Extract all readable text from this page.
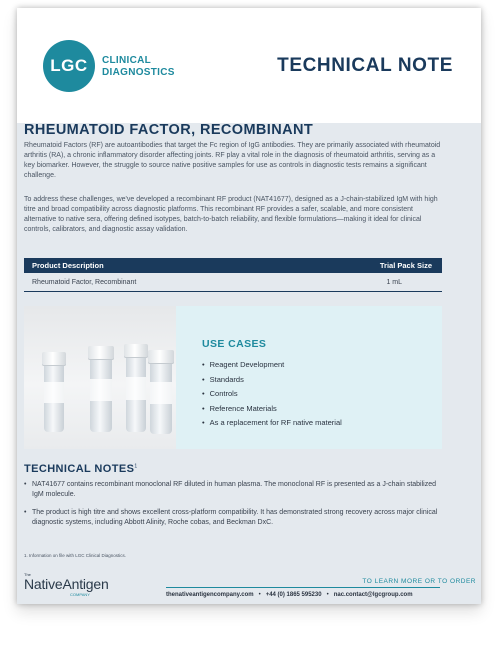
LGC	CLINICAL
DIAGNOSTICS	TECHNICAL NOTE
RHEUMATOID FACTOR, RECOMBINANT
Rheumatoid Factors (RF) are autoantibodies that target the Fc region of IgG antibodies. They are primarily associated with rheumatoid arthritis (RA), a chronic inflammatory disorder affecting joints. RF play a vital role in the diagnosis of rheumatoid arthritis, serving as a key biomarker. However, the struggle to source native positive samples for use as controls in diagnostic tests remains a significant challenge.
To address these challenges, we've developed a recombinant RF product (NAT41677), designed as a J-chain-stabilized IgM with high titre and broad compatibility across diagnostic platforms. This recombinant RF provides a safer, scalable, and more consistent alternative to native sera, offering defined isotypes, batch-to-batch reliability, and flexible formulations—making it ideal for clinical controls, calibrators, and diagnostic assay validation.
Product Description	Trial Pack Size
Rheumatoid Factor, Recombinant	1 mL
USE CASES
• Reagent Development
• Standards
• Controls
• Reference Materials
• As a replacement for RF native material
TECHNICAL NOTES$^1$
• NAT41677 contains recombinant monoclonal RF diluted in human plasma. The monoclonal RF is presented as a J-chain stabilized IgM molecule.
• The product is high titre and shows excellent cross-platform compatibility. It has demonstrated strong recovery across major clinical diagnostic systems, including Abbott Alinity, Roche cobas, and Beckman DxC.
1. Information on file with LGC Clinical Diagnostics.
The
NativeAntigen
COMPANY
TO LEARN MORE OR TO ORDER
thenativeantigencompany.com • +44 (0) 1865 595230 • nac.contact@lgcgroup.com
